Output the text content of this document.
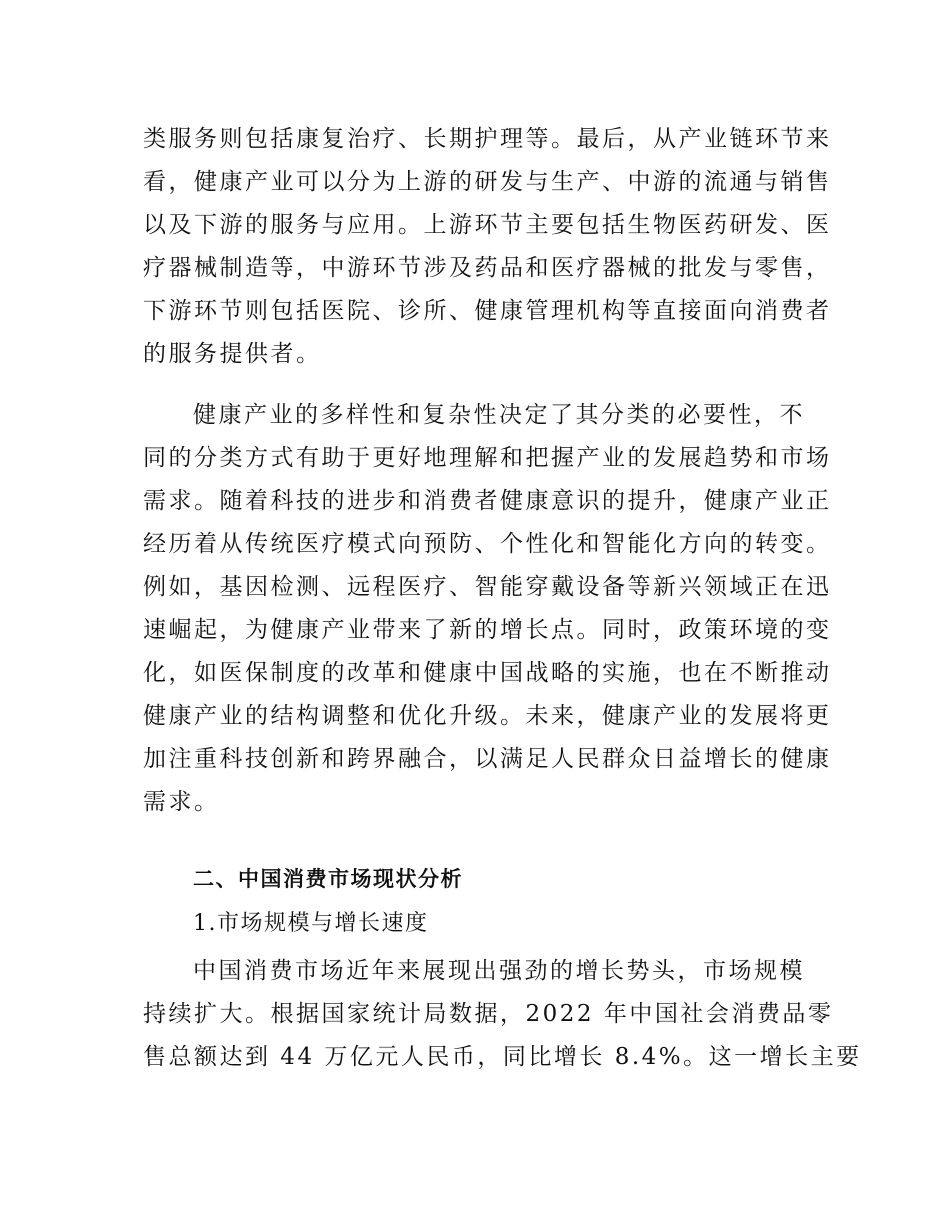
类服务则包括康复治疗、长期护理等。最后，从产业链环节来
看，健康产业可以分为上游的研发与生产、中游的流通与销售
以及下游的服务与应用。上游环节主要包括生物医药研发、医
疗器械制造等，中游环节涉及药品和医疗器械的批发与零售，
下游环节则包括医院、诊所、健康管理机构等直接面向消费者
的服务提供者。
健康产业的多样性和复杂性决定了其分类的必要性，不
同的分类方式有助于更好地理解和把握产业的发展趋势和市场
需求。随着科技的进步和消费者健康意识的提升，健康产业正
经历着从传统医疗模式向预防、个性化和智能化方向的转变。
例如，基因检测、远程医疗、智能穿戴设备等新兴领域正在迅
速崛起，为健康产业带来了新的增长点。同时，政策环境的变
化，如医保制度的改革和健康中国战略的实施，也在不断推动
健康产业的结构调整和优化升级。未来，健康产业的发展将更
加注重科技创新和跨界融合，以满足人民群众日益增长的健康
需求。
二、中国消费市场现状分析
1.市场规模与增长速度
中国消费市场近年来展现出强劲的增长势头，市场规模
持续扩大。根据国家统计局数据，2022 年中国社会消费品零
售总额达到 44 万亿元人民币，同比增长 8.4%。这一增长主要
